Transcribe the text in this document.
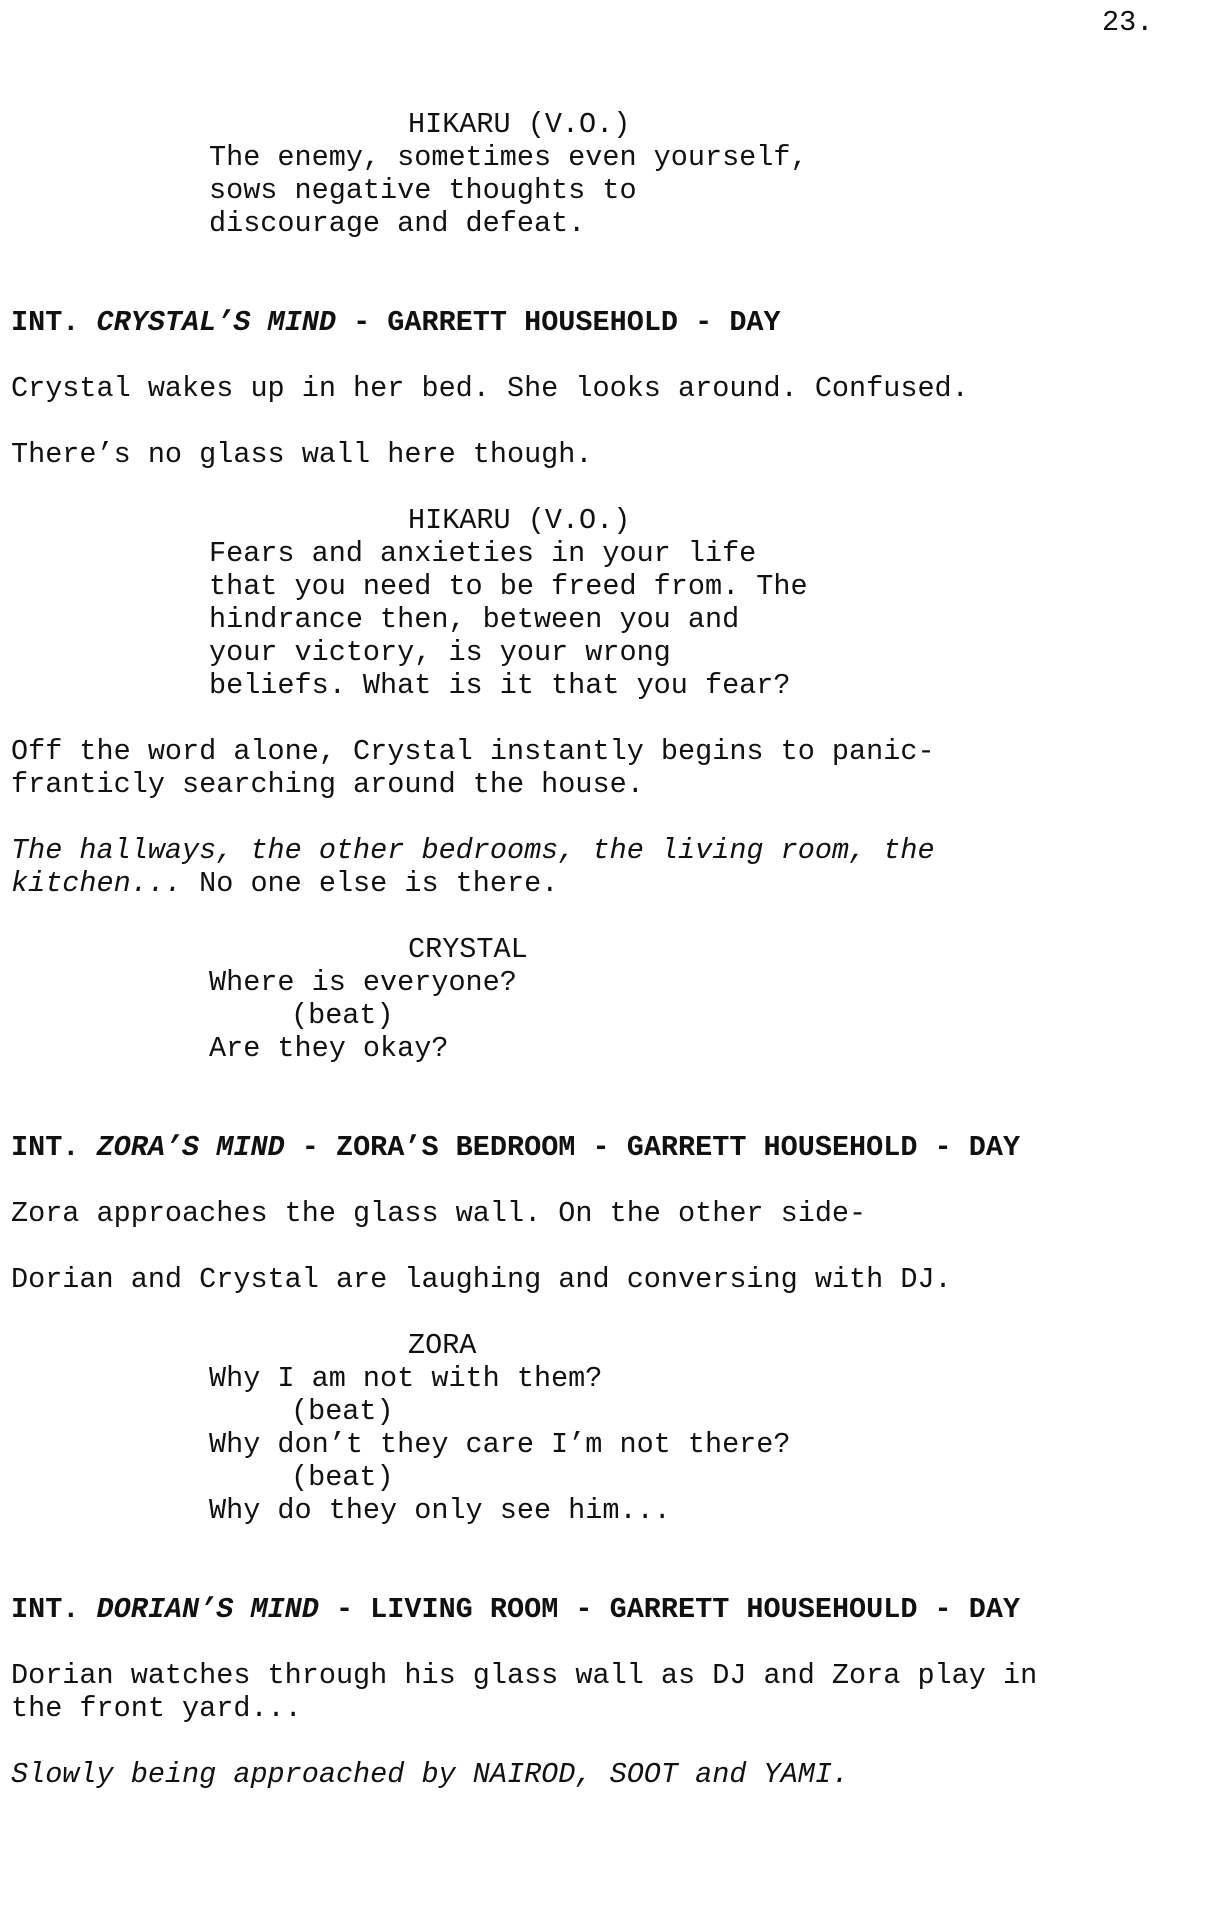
23.
HIKARU (V.O.)
The enemy, sometimes even yourself,
sows negative thoughts to
discourage and defeat.
INT. CRYSTAL’S MIND - GARRETT HOUSEHOLD - DAY
Crystal wakes up in her bed. She looks around. Confused.
There’s no glass wall here though.
HIKARU (V.O.)
Fears and anxieties in your life
that you need to be freed from. The
hindrance then, between you and
your victory, is your wrong
beliefs. What is it that you fear?
Off the word alone, Crystal instantly begins to panic-
franticly searching around the house.
The hallways, the other bedrooms, the living room, the
kitchen... No one else is there.
CRYSTAL
Where is everyone?
(beat)
Are they okay?
INT. ZORA’S MIND - ZORA’S BEDROOM - GARRETT HOUSEHOLD - DAY
Zora approaches the glass wall. On the other side-
Dorian and Crystal are laughing and conversing with DJ.
ZORA
Why I am not with them?
(beat)
Why don’t they care I’m not there?
(beat)
Why do they only see him...
INT. DORIAN’S MIND - LIVING ROOM - GARRETT HOUSEHOULD - DAY
Dorian watches through his glass wall as DJ and Zora play in
the front yard...
Slowly being approached by NAIROD, SOOT and YAMI.
